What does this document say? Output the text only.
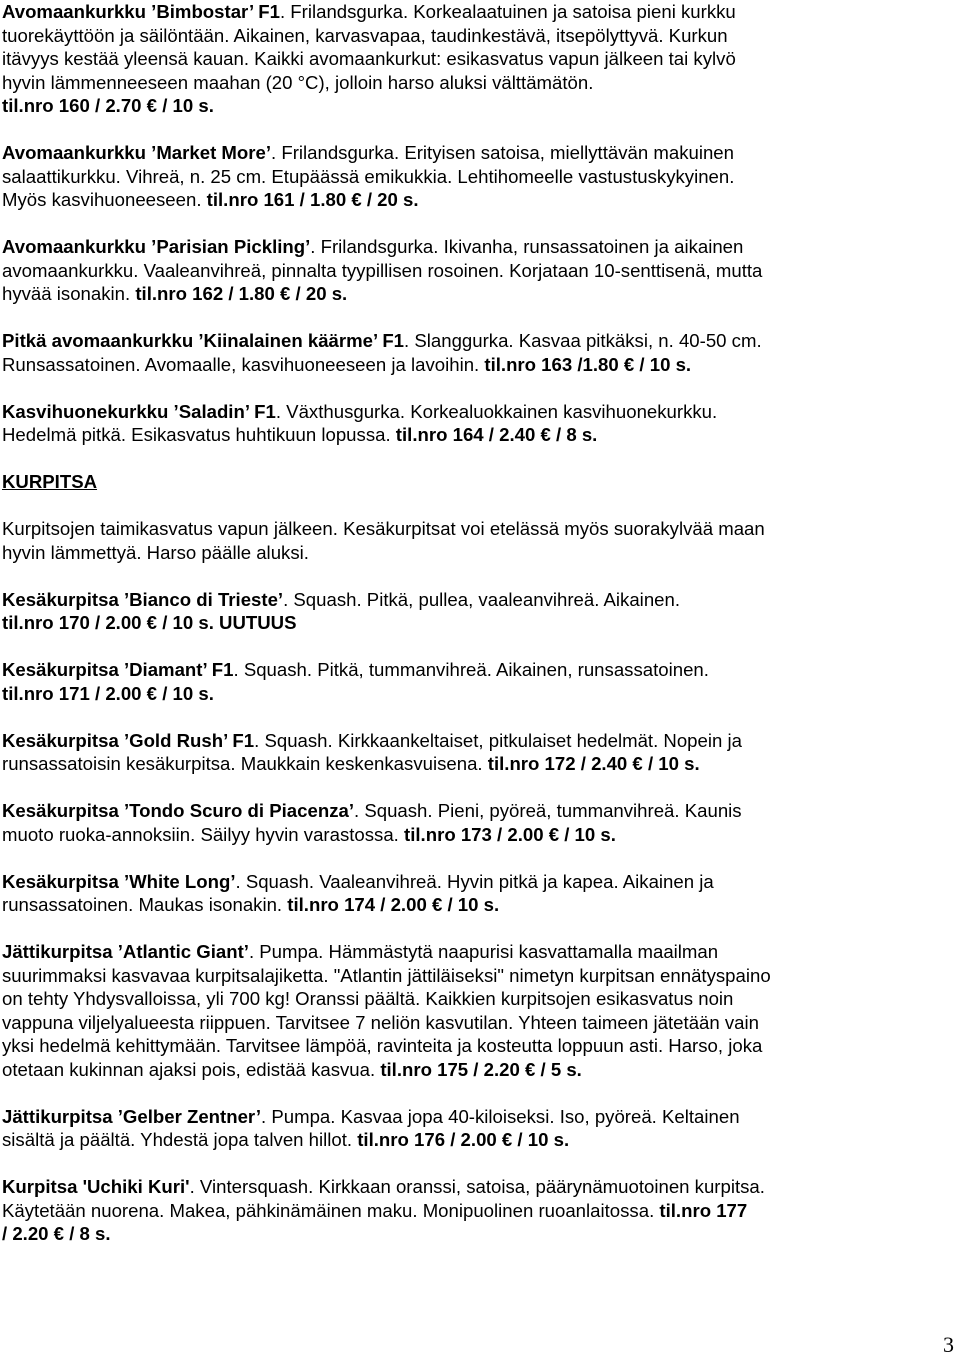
Avomaankurkku ’Bimbostar’ F1. Frilandsgurka. Korkealaatuinen ja satoisa pieni kurkku

tuorekäyttöön ja säilöntään. Aikainen, karvasvapaa, taudinkestävä, itsepölyttyvä. Kurkun

itävyys kestää yleensä kauan. Kaikki avomaankurkut: esikasvatus vapun jälkeen tai kylvö

hyvin lämmenneeseen maahan (20 °C), jolloin harso aluksi välttämätön.

til.nro 160 / 2.70 € / 10 s.

Avomaankurkku ’Market More’. Frilandsgurka. Erityisen satoisa, miellyttävän makuinen

salaattikurkku. Vihreä, n. 25 cm. Etupäässä emikukkia. Lehtihomeelle vastustuskykyinen.

Myös kasvihuoneeseen. til.nro 161 / 1.80 € / 20 s.

Avomaankurkku ’Parisian Pickling’. Frilandsgurka. Ikivanha, runsassatoinen ja aikainen

avomaankurkku. Vaaleanvihreä, pinnalta tyypillisen rosoinen. Korjataan 10-senttisenä, mutta

hyvää isonakin. til.nro 162 / 1.80 € / 20 s.

Pitkä avomaankurkku ’Kiinalainen käärme’ F1. Slanggurka. Kasvaa pitkäksi, n. 40-50 cm.

Runsassatoinen. Avomaalle, kasvihuoneeseen ja lavoihin. til.nro 163 /1.80 € / 10 s.

Kasvihuonekurkku ’Saladin’ F1. Växthusgurka. Korkealuokkainen kasvihuonekurkku.

Hedelmä pitkä. Esikasvatus huhtikuun lopussa. til.nro 164 / 2.40 € / 8 s.

KURPITSA

Kurpitsojen taimikasvatus vapun jälkeen. Kesäkurpitsat voi etelässä myös suorakylvää maan

hyvin lämmettyä. Harso päälle aluksi.

Kesäkurpitsa ’Bianco di Trieste’. Squash. Pitkä, pullea, vaaleanvihreä. Aikainen.

til.nro 170 / 2.00 € / 10 s. UUTUUS

Kesäkurpitsa ’Diamant’ F1. Squash. Pitkä, tummanvihreä. Aikainen, runsassatoinen.

til.nro 171 / 2.00 € / 10 s.

Kesäkurpitsa ’Gold Rush’ F1. Squash. Kirkkaankeltaiset, pitkulaiset hedelmät. Nopein ja

runsassatoisin kesäkurpitsa. Maukkain keskenkasvuisena. til.nro 172 / 2.40 € / 10 s.

Kesäkurpitsa ’Tondo Scuro di Piacenza’. Squash. Pieni, pyöreä, tummanvihreä. Kaunis

muoto ruoka-annoksiin. Säilyy hyvin varastossa. til.nro 173 / 2.00 € / 10 s.

Kesäkurpitsa ’White Long’. Squash. Vaaleanvihreä. Hyvin pitkä ja kapea. Aikainen ja

runsassatoinen. Maukas isonakin. til.nro 174 / 2.00 € / 10 s.

Jättikurpitsa ’Atlantic Giant’. Pumpa. Hämmästytä naapurisi kasvattamalla maailman

suurimmaksi kasvavaa kurpitsalajiketta. "Atlantin jättiläiseksi" nimetyn kurpitsan ennätyspaino

on tehty Yhdysvalloissa, yli 700 kg! Oranssi päältä. Kaikkien kurpitsojen esikasvatus noin

vappuna viljelyalueesta riippuen. Tarvitsee 7 neliön kasvutilan. Yhteen taimeen jätetään vain

yksi hedelmä kehittymään. Tarvitsee lämpöä, ravinteita ja kosteutta loppuun asti. Harso, joka

otetaan kukinnan ajaksi pois, edistää kasvua. til.nro 175 / 2.20 € / 5 s.

Jättikurpitsa ’Gelber Zentner’. Pumpa. Kasvaa jopa 40-kiloiseksi. Iso, pyöreä. Keltainen

sisältä ja päältä. Yhdestä jopa talven hillot. til.nro 176 / 2.00 € / 10 s.

Kurpitsa 'Uchiki Kuri'. Vintersquash. Kirkkaan oranssi, satoisa, päärynämuotoinen kurpitsa.

Käytetään nuorena. Makea, pähkinämäinen maku. Monipuolinen ruoanlaitossa. til.nro 177

/ 2.20 € / 8 s.

3
